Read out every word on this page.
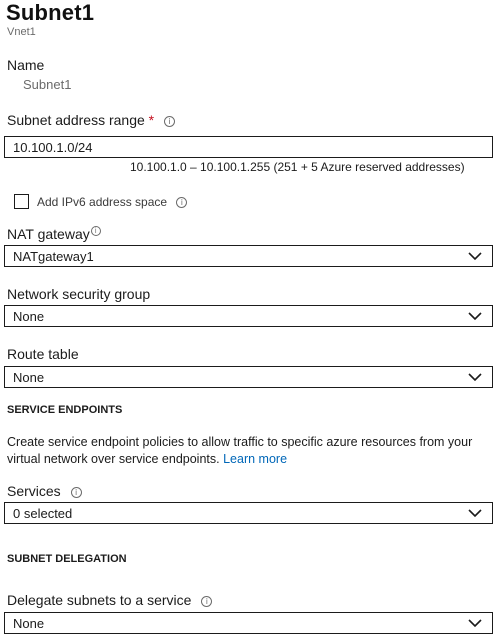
Subnet1
Vnet1
Name
Subnet1
Subnet address range * i
10.100.1.0/24
10.100.1.0 – 10.100.1.255 (251 + 5 Azure reserved addresses)
Add IPv6 address space i
NAT gateway i
NATgateway1
Network security group
None
Route table
None
SERVICE ENDPOINTS
Create service endpoint policies to allow traffic to specific azure resources from your virtual network over service endpoints. Learn more
Services i
0 selected
SUBNET DELEGATION
Delegate subnets to a service i
None
